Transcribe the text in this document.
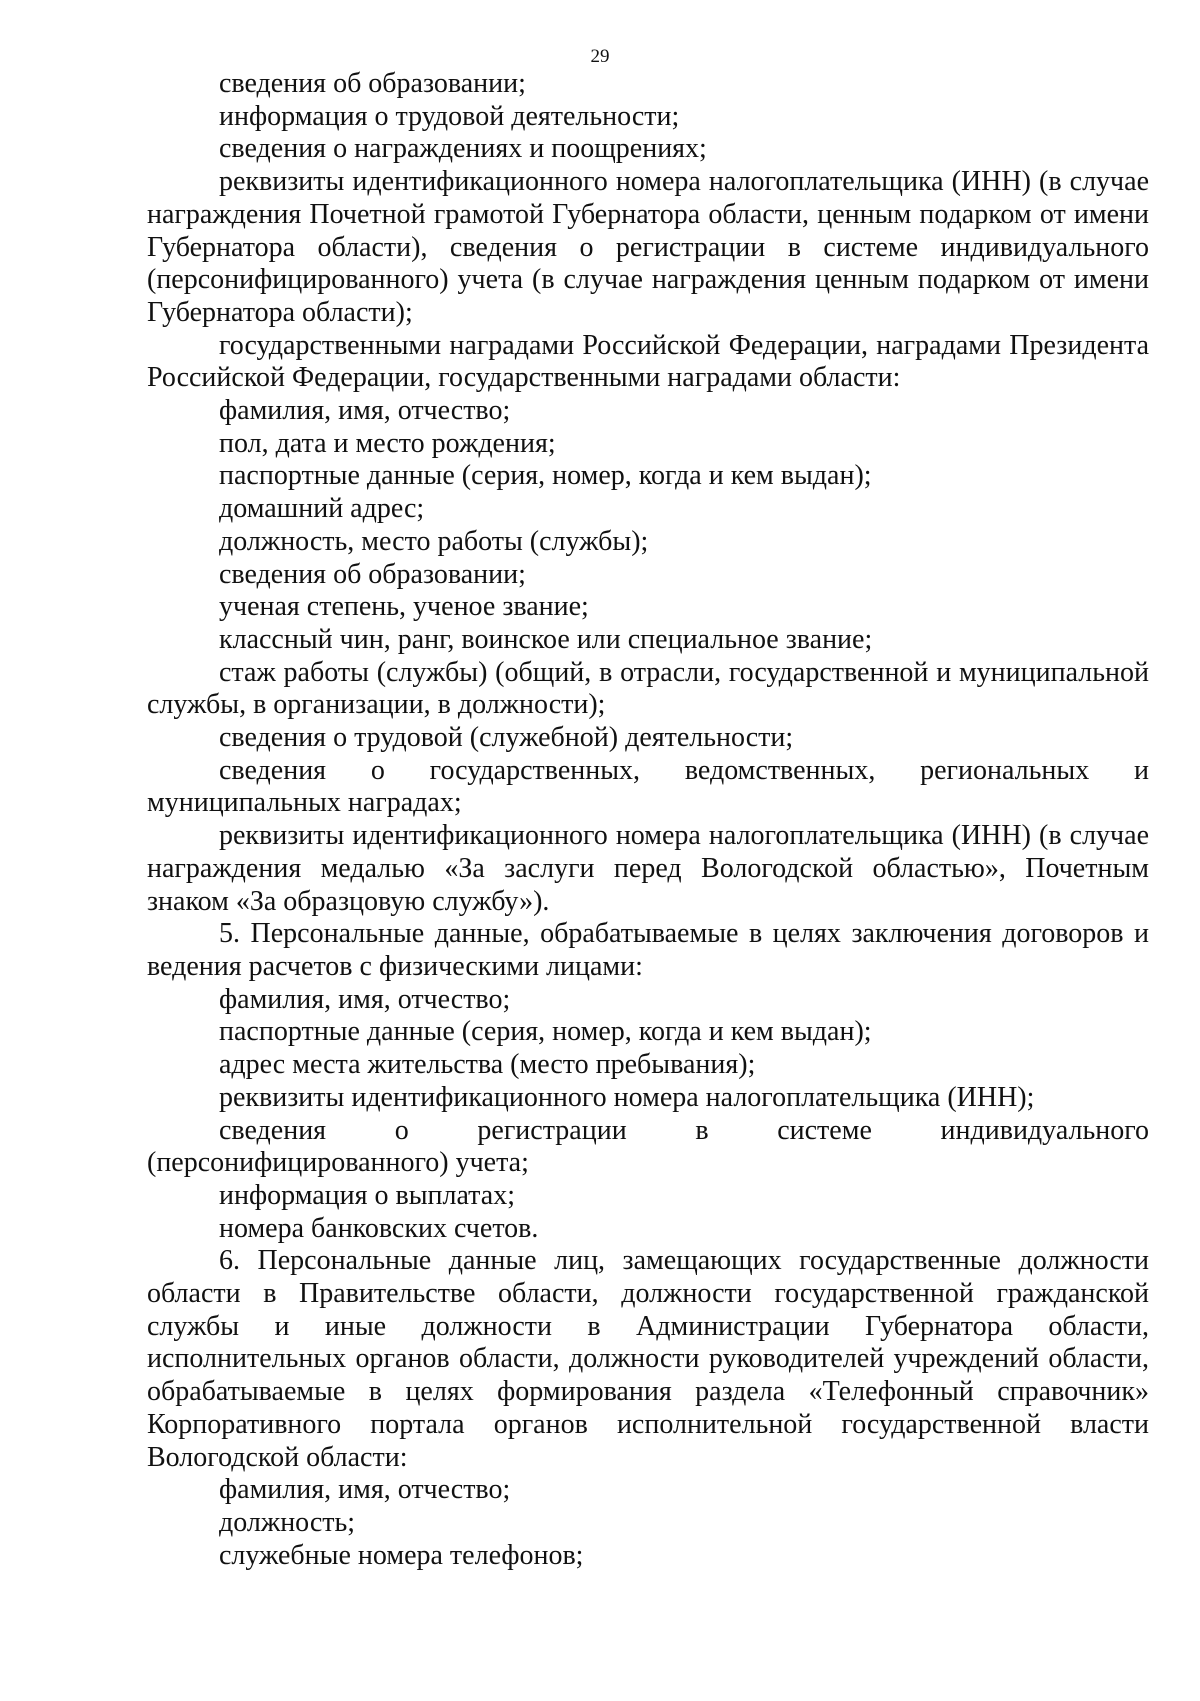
29

сведения об образовании;

информация о трудовой деятельности;

сведения о награждениях и поощрениях;

реквизиты идентификационного номера налогоплательщика (ИНН) (в случае награждения Почетной грамотой Губернатора области, ценным подарком от имени Губернатора области), сведения о регистрации в системе индивидуального (персонифицированного) учета (в случае награждения ценным подарком от имени Губернатора области);

государственными наградами Российской Федерации, наградами Президента Российской Федерации, государственными наградами области:

фамилия, имя, отчество;

пол, дата и место рождения;

паспортные данные (серия, номер, когда и кем выдан);

домашний адрес;

должность, место работы (службы);

сведения об образовании;

ученая степень, ученое звание;

классный чин, ранг, воинское или специальное звание;

стаж работы (службы) (общий, в отрасли, государственной и муниципальной службы, в организации, в должности);

сведения о трудовой (служебной) деятельности;

сведения о государственных, ведомственных, региональных и муниципальных наградах;

реквизиты идентификационного номера налогоплательщика (ИНН) (в случае награждения медалью «За заслуги перед Вологодской областью», Почетным знаком «За образцовую службу»).

5. Персональные данные, обрабатываемые в целях заключения договоров и ведения расчетов с физическими лицами:

фамилия, имя, отчество;

паспортные данные (серия, номер, когда и кем выдан);

адрес места жительства (место пребывания);

реквизиты идентификационного номера налогоплательщика (ИНН);

сведения о регистрации в системе индивидуального (персонифицированного) учета;

информация о выплатах;

номера банковских счетов.

6. Персональные данные лиц, замещающих государственные должности области в Правительстве области, должности государственной гражданской службы и иные должности в Администрации Губернатора области, исполнительных органов области, должности руководителей учреждений области, обрабатываемые в целях формирования раздела «Телефонный справочник» Корпоративного портала органов исполнительной государственной власти Вологодской области:

фамилия, имя, отчество;

должность;

служебные номера телефонов;
